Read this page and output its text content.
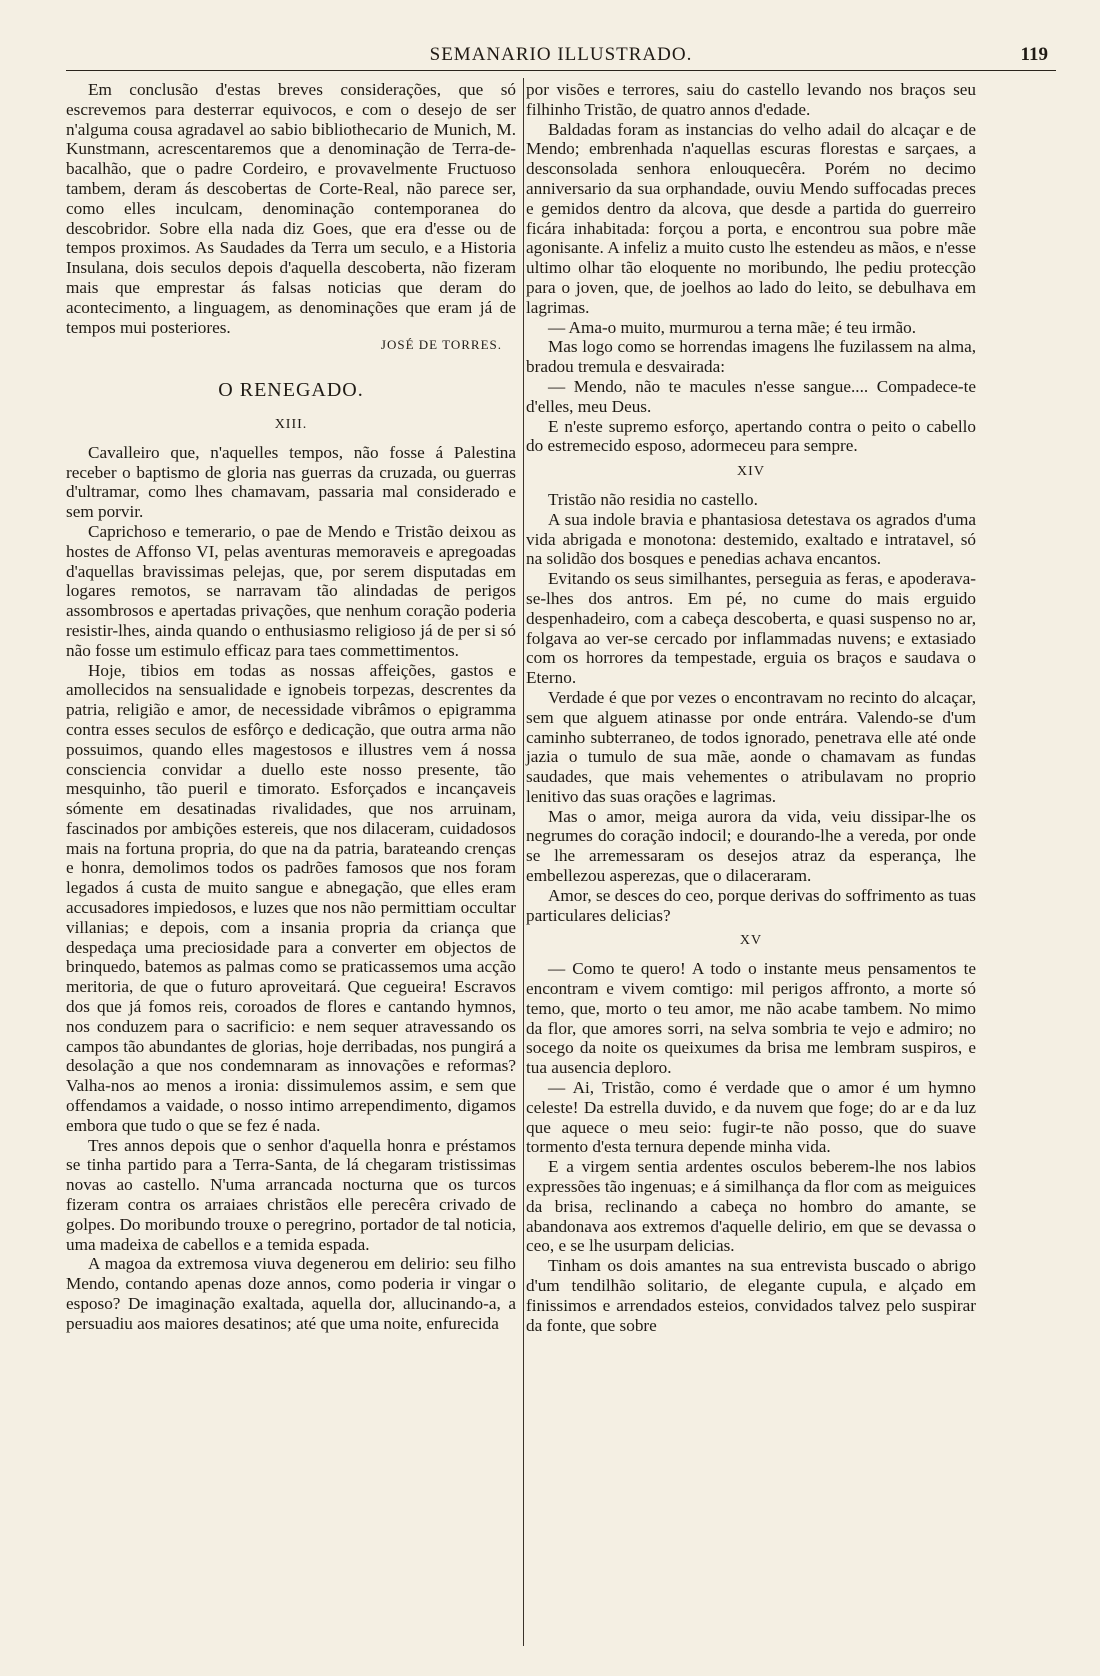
SEMANARIO ILLUSTRADO.	119

Em conclusão d'estas breves considerações, que só escrevemos para desterrar equivocos, e com o desejo de ser n'alguma cousa agradavel ao sabio bibliothecario de Munich, M. Kunstmann, acrescentaremos que a denominação de Terra-de-bacalhão, que o padre Cordeiro, e provavelmente Fructuoso tambem, deram ás descobertas de Corte-Real, não parece ser, como elles inculcam, denominação contemporanea do descobridor. Sobre ella nada diz Goes, que era d'esse ou de tempos proximos. As Saudades da Terra um seculo, e a Historia Insulana, dois seculos depois d'aquella descoberta, não fizeram mais que emprestar ás falsas noticias que deram do acontecimento, a linguagem, as denominações que eram já de tempos mui posteriores.

JOSÉ DE TORRES.
O RENEGADO.
XIII.

Cavalleiro que, n'aquelles tempos, não fosse á Palestina receber o baptismo de gloria nas guerras da cruzada, ou guerras d'ultramar, como lhes chamavam, passaria mal considerado e sem porvir.

Caprichoso e temerario, o pae de Mendo e Tristão deixou as hostes de Affonso VI, pelas aventuras memoraveis e apregoadas d'aquellas bravissimas pelejas, que, por serem disputadas em logares remotos, se narravam tão alindadas de perigos assombrosos e apertadas privações, que nenhum coração poderia resistir-lhes, ainda quando o enthusiasmo religioso já de per si só não fosse um estimulo efficaz para taes commettimentos.

Hoje, tibios em todas as nossas affeições, gastos e amollecidos na sensualidade e ignobeis torpezas, descrentes da patria, religião e amor, de necessidade vibrâmos o epigramma contra esses seculos de esfôrço e dedicação, que outra arma não possuimos, quando elles magestosos e illustres vem á nossa consciencia convidar a duello este nosso presente, tão mesquinho, tão pueril e timorato. Esforçados e incançaveis sómente em desatinadas rivalidades, que nos arruinam, fascinados por ambições estereis, que nos dilaceram, cuidadosos mais na fortuna propria, do que na da patria, barateando crenças e honra, demolimos todos os padrões famosos que nos foram legados á custa de muito sangue e abnegação, que elles eram accusadores impiedosos, e luzes que nos não permittiam occultar villanias; e depois, com a insania propria da criança que despedaça uma preciosidade para a converter em objectos de brinquedo, batemos as palmas como se praticassemos uma acção meritoria, de que o futuro aproveitará. Que cegueira! Escravos dos que já fomos reis, coroados de flores e cantando hymnos, nos conduzem para o sacrificio: e nem sequer atravessando os campos tão abundantes de glorias, hoje derribadas, nos pungirá a desolação a que nos condemnaram as innovações e reformas? Valha-nos ao menos a ironia: dissimulemos assim, e sem que offendamos a vaidade, o nosso intimo arrependimento, digamos embora que tudo o que se fez é nada.

Tres annos depois que o senhor d'aquella honra e préstamos se tinha partido para a Terra-Santa, de lá chegaram tristissimas novas ao castello. N'uma arrancada nocturna que os turcos fizeram contra os arraiaes christãos elle perecêra crivado de golpes. Do moribundo trouxe o peregrino, portador de tal noticia, uma madeixa de cabellos e a temida espada.

A magoa da extremosa viuva degenerou em delirio: seu filho Mendo, contando apenas doze annos, como poderia ir vingar o esposo? De imaginação exaltada, aquella dor, allucinando-a, a persuadiu aos maiores desatinos; até que uma noite, enfurecida

por visões e terrores, saiu do castello levando nos braços seu filhinho Tristão, de quatro annos d'edade.

Baldadas foram as instancias do velho adail do alcaçar e de Mendo; embrenhada n'aquellas escuras florestas e sarçaes, a desconsolada senhora enlouquecêra. Porém no decimo anniversario da sua orphandade, ouviu Mendo suffocadas preces e gemidos dentro da alcova, que desde a partida do guerreiro ficára inhabitada: forçou a porta, e encontrou sua pobre mãe agonisante. A infeliz a muito custo lhe estendeu as mãos, e n'esse ultimo olhar tão eloquente no moribundo, lhe pediu protecção para o joven, que, de joelhos ao lado do leito, se debulhava em lagrimas.

— Ama-o muito, murmurou a terna mãe; é teu irmão.

Mas logo como se horrendas imagens lhe fuzilassem na alma, bradou tremula e desvairada:

— Mendo, não te macules n'esse sangue.... Compadece-te d'elles, meu Deus.

E n'este supremo esforço, apertando contra o peito o cabello do estremecido esposo, adormeceu para sempre.

XIV

Tristão não residia no castello.

A sua indole bravia e phantasiosa detestava os agrados d'uma vida abrigada e monotona: destemido, exaltado e intratavel, só na solidão dos bosques e penedias achava encantos.

Evitando os seus similhantes, perseguia as feras, e apoderava-se-lhes dos antros. Em pé, no cume do mais erguido despenhadeiro, com a cabeça descoberta, e quasi suspenso no ar, folgava ao ver-se cercado por inflammadas nuvens; e extasiado com os horrores da tempestade, erguia os braços e saudava o Eterno.

Verdade é que por vezes o encontravam no recinto do alcaçar, sem que alguem atinasse por onde entrára. Valendo-se d'um caminho subterraneo, de todos ignorado, penetrava elle até onde jazia o tumulo de sua mãe, aonde o chamavam as fundas saudades, que mais vehementes o atribulavam no proprio lenitivo das suas orações e lagrimas.

Mas o amor, meiga aurora da vida, veiu dissipar-lhe os negrumes do coração indocil; e dourando-lhe a vereda, por onde se lhe arremessaram os desejos atraz da esperança, lhe embellezou asperezas, que o dilaceraram.

Amor, se desces do ceo, porque derivas do soffrimento as tuas particulares delicias?

XV

— Como te quero! A todo o instante meus pensamentos te encontram e vivem comtigo: mil perigos affronto, a morte só temo, que, morto o teu amor, me não acabe tambem. No mimo da flor, que amores sorri, na selva sombria te vejo e admiro; no socego da noite os queixumes da brisa me lembram suspiros, e tua ausencia deploro.

— Ai, Tristão, como é verdade que o amor é um hymno celeste! Da estrella duvido, e da nuvem que foge; do ar e da luz que aquece o meu seio: fugir-te não posso, que do suave tormento d'esta ternura depende minha vida.

E a virgem sentia ardentes osculos beberem-lhe nos labios expressões tão ingenuas; e á similhança da flor com as meiguices da brisa, reclinando a cabeça no hombro do amante, se abandonava aos extremos d'aquelle delirio, em que se devassa o ceo, e se lhe usurpam delicias.

Tinham os dois amantes na sua entrevista buscado o abrigo d'um tendilhão solitario, de elegante cupula, e alçado em finissimos e arrendados esteios, convidados talvez pelo suspirar da fonte, que sobre
